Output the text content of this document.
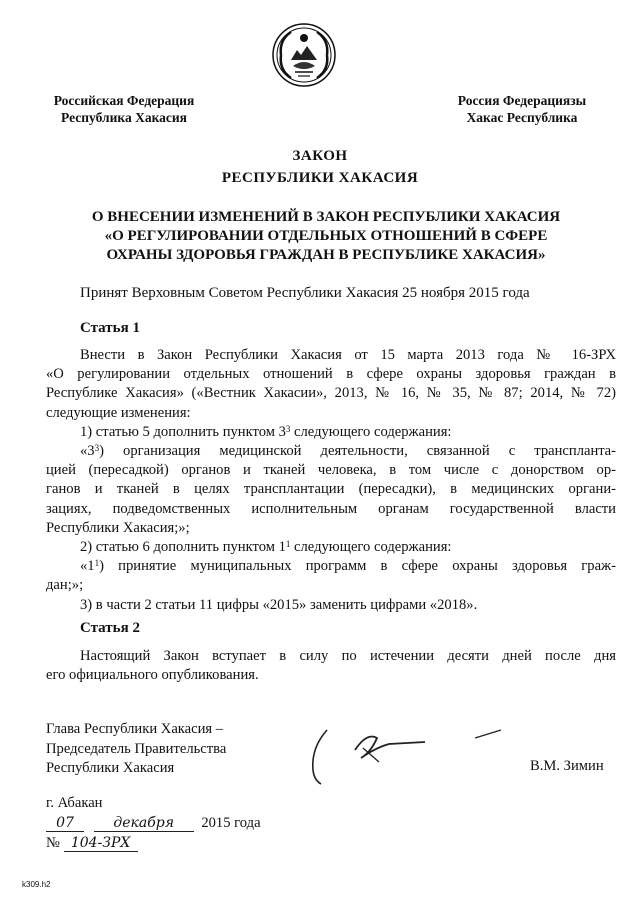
Российская Федерация
Республика Хакасия
Россия Федерациязы
Хакас Республика
ЗАКОН
РЕСПУБЛИКИ ХАКАСИЯ
О ВНЕСЕНИИ ИЗМЕНЕНИЙ В ЗАКОН РЕСПУБЛИКИ ХАКАСИЯ
«О РЕГУЛИРОВАНИИ ОТДЕЛЬНЫХ ОТНОШЕНИЙ В СФЕРЕ
ОХРАНЫ ЗДОРОВЬЯ ГРАЖДАН В РЕСПУБЛИКЕ ХАКАСИЯ»
Принят Верховным Советом Республики Хакасия 25 ноября 2015 года
Статья 1
Внести в Закон Республики Хакасия от 15 марта 2013 года № 16-ЗРХ
«О регулировании отдельных отношений в сфере охраны здоровья граждан в
Республике Хакасия» («Вестник Хакасии», 2013, № 16, № 35, № 87; 2014, № 72)
следующие изменения:
1) статью 5 дополнить пунктом $3^3$ следующего содержания:
«$3^3$) организация медицинской деятельности, связанной с трансплантa-
цией (пересадкой) органов и тканей человека, в том числе с донорством ор-
ганов и тканей в целях трансплантации (пересадки), в медицинских органи-
зациях, подведомственных исполнительным органам государственной власти
Республики Хакасия;»;
2) статью 6 дополнить пунктом $1^1$ следующего содержания:
«$1^1$) принятие муниципальных программ в сфере охраны здоровья граж-
дан;»;
3) в части 2 статьи 11 цифры «2015» заменить цифрами «2018».
Статья 2
Настоящий Закон вступает в силу по истечении десяти дней после дня
его официального опубликования.
Глава Республики Хакасия –
Председатель Правительства
Республики Хакасия	В.М. Зимин
г. Абакан
07	декабря 2015 года
№ 104-ЗРХ
k309.h2
